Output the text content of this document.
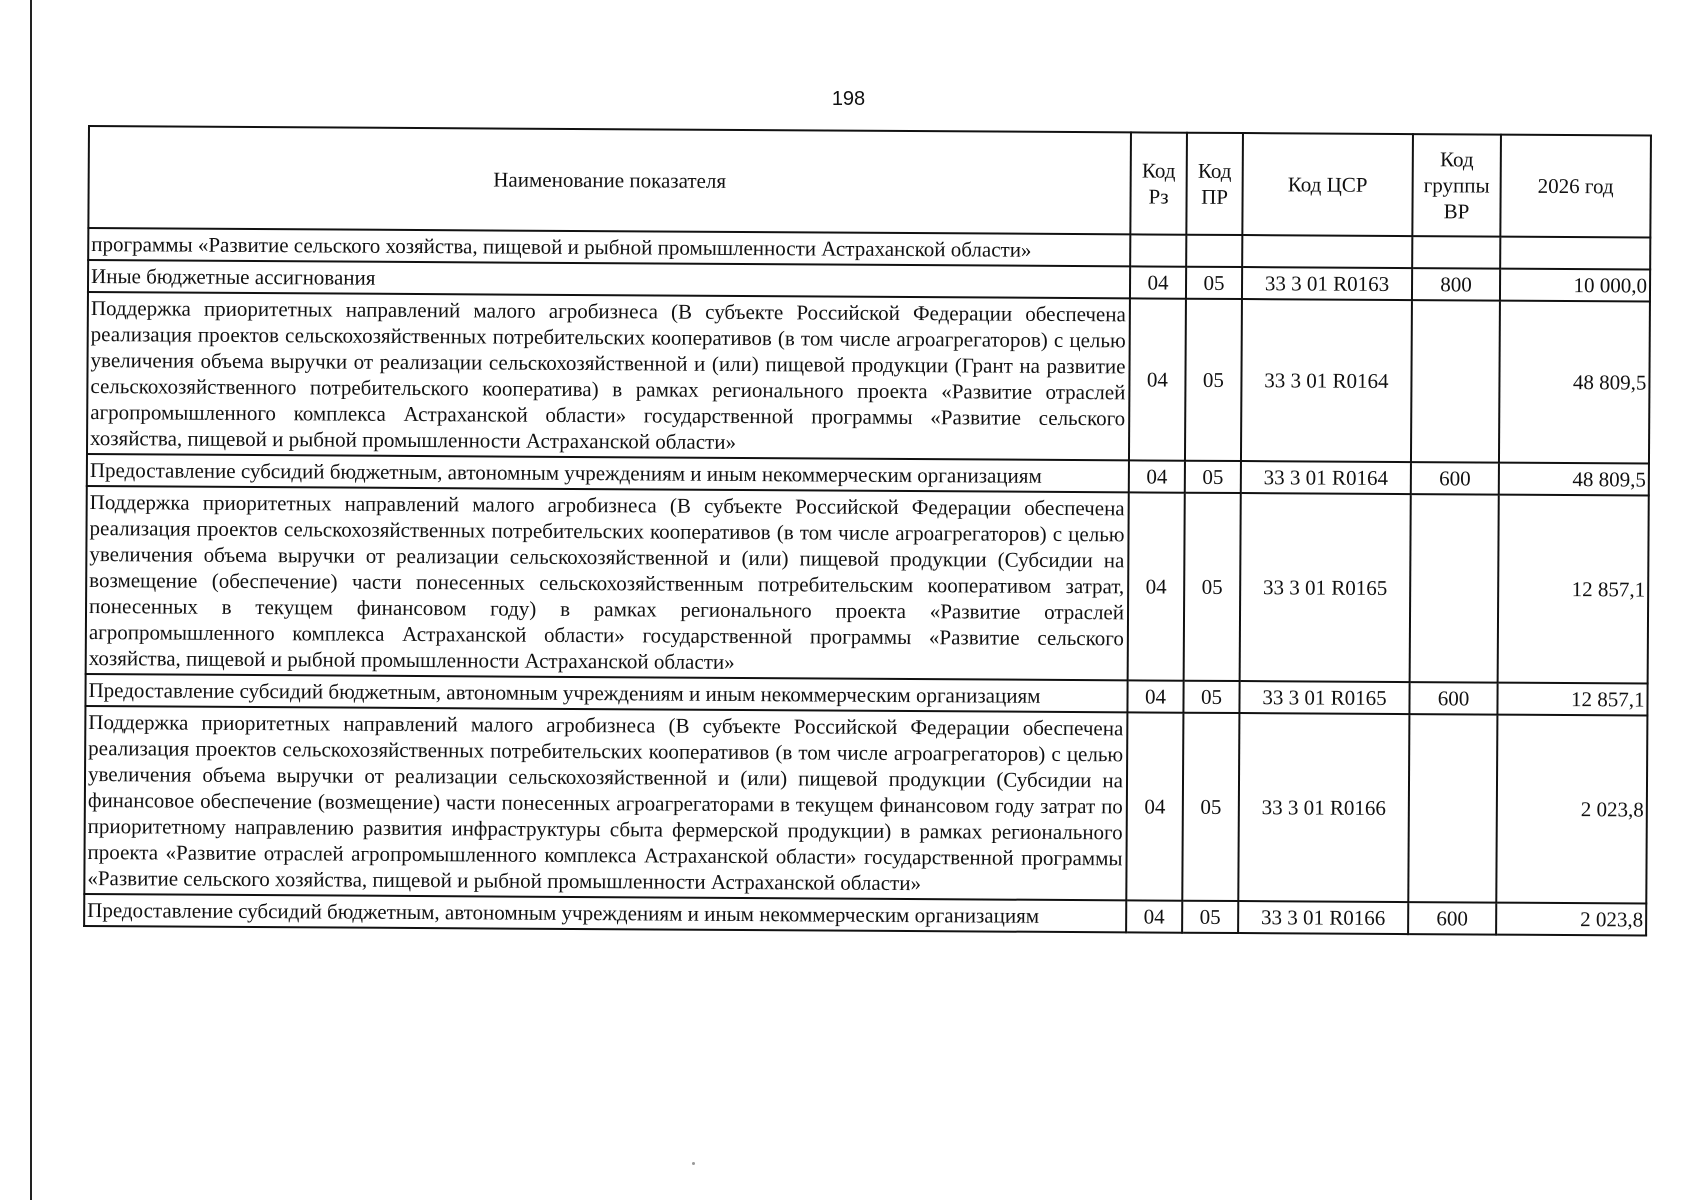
198
Наименование показателя	Код Рз	Код ПР	Код ЦСР	Код группы ВР	2026 год
программы «Развитие сельского хозяйства, пищевой и рыбной промышленности Астраханской области»					
Иные бюджетные ассигнования	04	05	33 3 01 R0163	800	10 000,0
Поддержка приоритетных направлений малого агробизнеса (В субъекте Российской Федерации обеспечена реализация проектов сельскохозяйственных потребительских кооперативов (в том числе агроагрегаторов) с целью увеличения объема выручки от реализации сельскохозяйственной и (или) пищевой продукции (Грант на развитие сельскохозяйственного потребительского кооператива) в рамках регионального проекта «Развитие отраслей агропромышленного комплекса Астраханской области» государственной программы «Развитие сельского хозяйства, пищевой и рыбной промышленности Астраханской области»	04	05	33 3 01 R0164		48 809,5
Предоставление субсидий бюджетным, автономным учреждениям и иным некоммерческим организациям	04	05	33 3 01 R0164	600	48 809,5
Поддержка приоритетных направлений малого агробизнеса (В субъекте Российской Федерации обеспечена реализация проектов сельскохозяйственных потребительских кооперативов (в том числе агроагрегаторов) с целью увеличения объема выручки от реализации сельскохозяйственной и (или) пищевой продукции (Субсидии на возмещение (обеспечение) части понесенных сельскохозяйственным потребительским кооперативом затрат, понесенных в текущем финансовом году) в рамках регионального проекта «Развитие отраслей агропромышленного комплекса Астраханской области» государственной программы «Развитие сельского хозяйства, пищевой и рыбной промышленности Астраханской области»	04	05	33 3 01 R0165		12 857,1
Предоставление субсидий бюджетным, автономным учреждениям и иным некоммерческим организациям	04	05	33 3 01 R0165	600	12 857,1
Поддержка приоритетных направлений малого агробизнеса (В субъекте Российской Федерации обеспечена реализация проектов сельскохозяйственных потребительских кооперативов (в том числе агроагрегаторов) с целью увеличения объема выручки от реализации сельскохозяйственной и (или) пищевой продукции (Субсидии на финансовое обеспечение (возмещение) части понесенных агроагрегаторами в текущем финансовом году затрат по приоритетному направлению развития инфраструктуры сбыта фермерской продукции) в рамках регионального проекта «Развитие отраслей агропромышленного комплекса Астраханской области» государственной программы «Развитие сельского хозяйства, пищевой и рыбной промышленности Астраханской области»	04	05	33 3 01 R0166		2 023,8
Предоставление субсидий бюджетным, автономным учреждениям и иным некоммерческим организациям	04	05	33 3 01 R0166	600	2 023,8
